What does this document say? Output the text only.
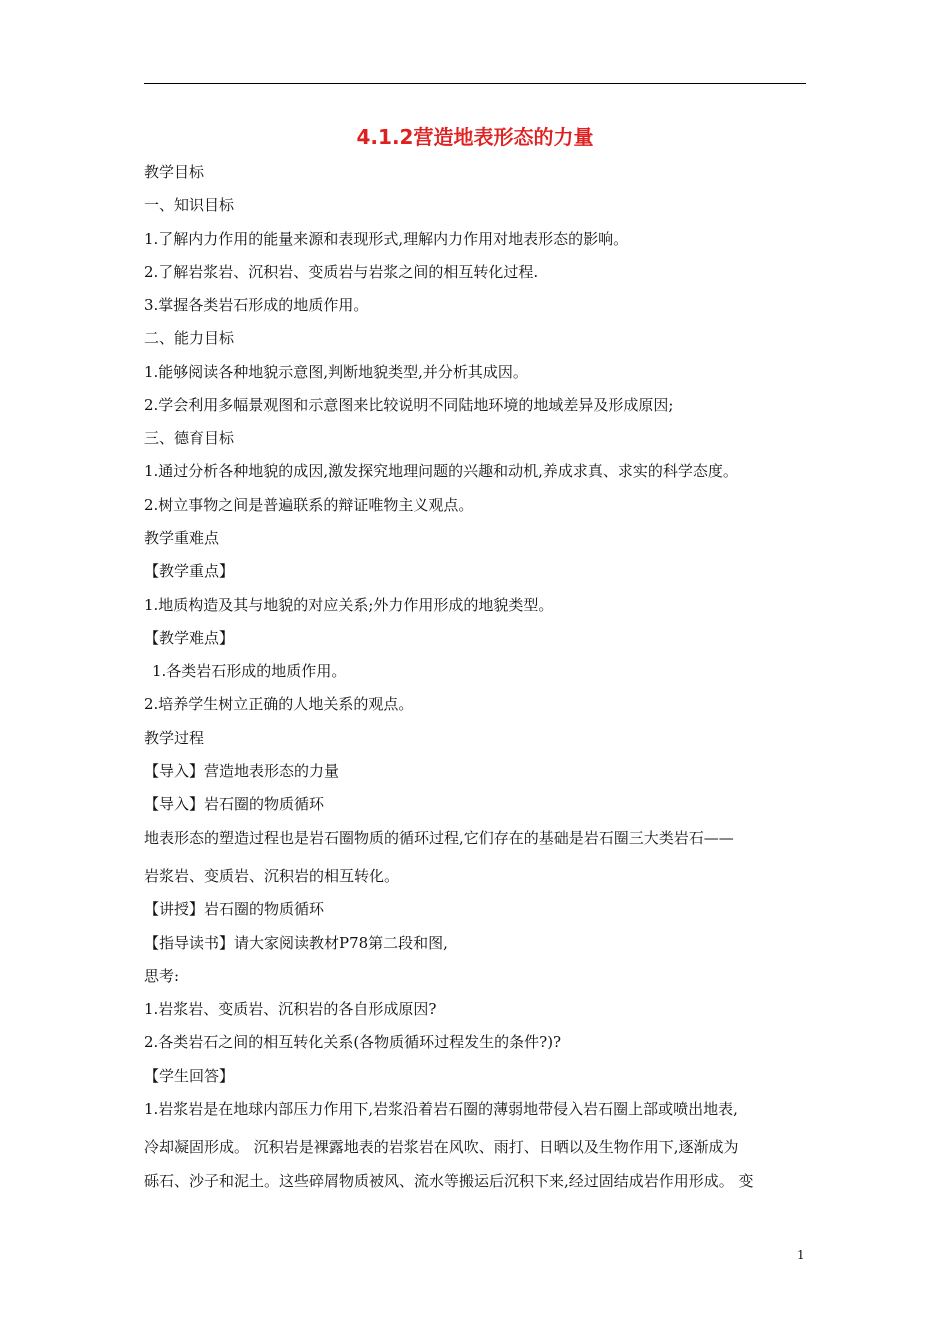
4.1.2营造地表形态的力量
教学目标
一、知识目标
1.了解内力作用的能量来源和表现形式,理解内力作用对地表形态的影响。
2.了解岩浆岩、沉积岩、变质岩与岩浆之间的相互转化过程.
3.掌握各类岩石形成的地质作用。
二、能力目标
1.能够阅读各种地貌示意图,判断地貌类型,并分析其成因。
2.学会利用多幅景观图和示意图来比较说明不同陆地环境的地域差异及形成原因;
三、德育目标
1.通过分析各种地貌的成因,激发探究地理问题的兴趣和动机,养成求真、求实的科学态度。
2.树立事物之间是普遍联系的辩证唯物主义观点。
教学重难点
【教学重点】
1.地质构造及其与地貌的对应关系;外力作用形成的地貌类型。
【教学难点】
1.各类岩石形成的地质作用。
2.培养学生树立正确的人地关系的观点。
教学过程
【导入】营造地表形态的力量
【导入】岩石圈的物质循环
地表形态的塑造过程也是岩石圈物质的循环过程,它们存在的基础是岩石圈三大类岩石——
岩浆岩、变质岩、沉积岩的相互转化。
【讲授】岩石圈的物质循环
【指导读书】请大家阅读教材P78第二段和图,
思考:
1.岩浆岩、变质岩、沉积岩的各自形成原因?
2.各类岩石之间的相互转化关系(各物质循环过程发生的条件?)?
【学生回答】
1.岩浆岩是在地球内部压力作用下,岩浆沿着岩石圈的薄弱地带侵入岩石圈上部或喷出地表,
冷却凝固形成。 沉积岩是裸露地表的岩浆岩在风吹、雨打、日晒以及生物作用下,逐渐成为
砾石、沙子和泥土。这些碎屑物质被风、流水等搬运后沉积下来,经过固结成岩作用形成。 变
1
